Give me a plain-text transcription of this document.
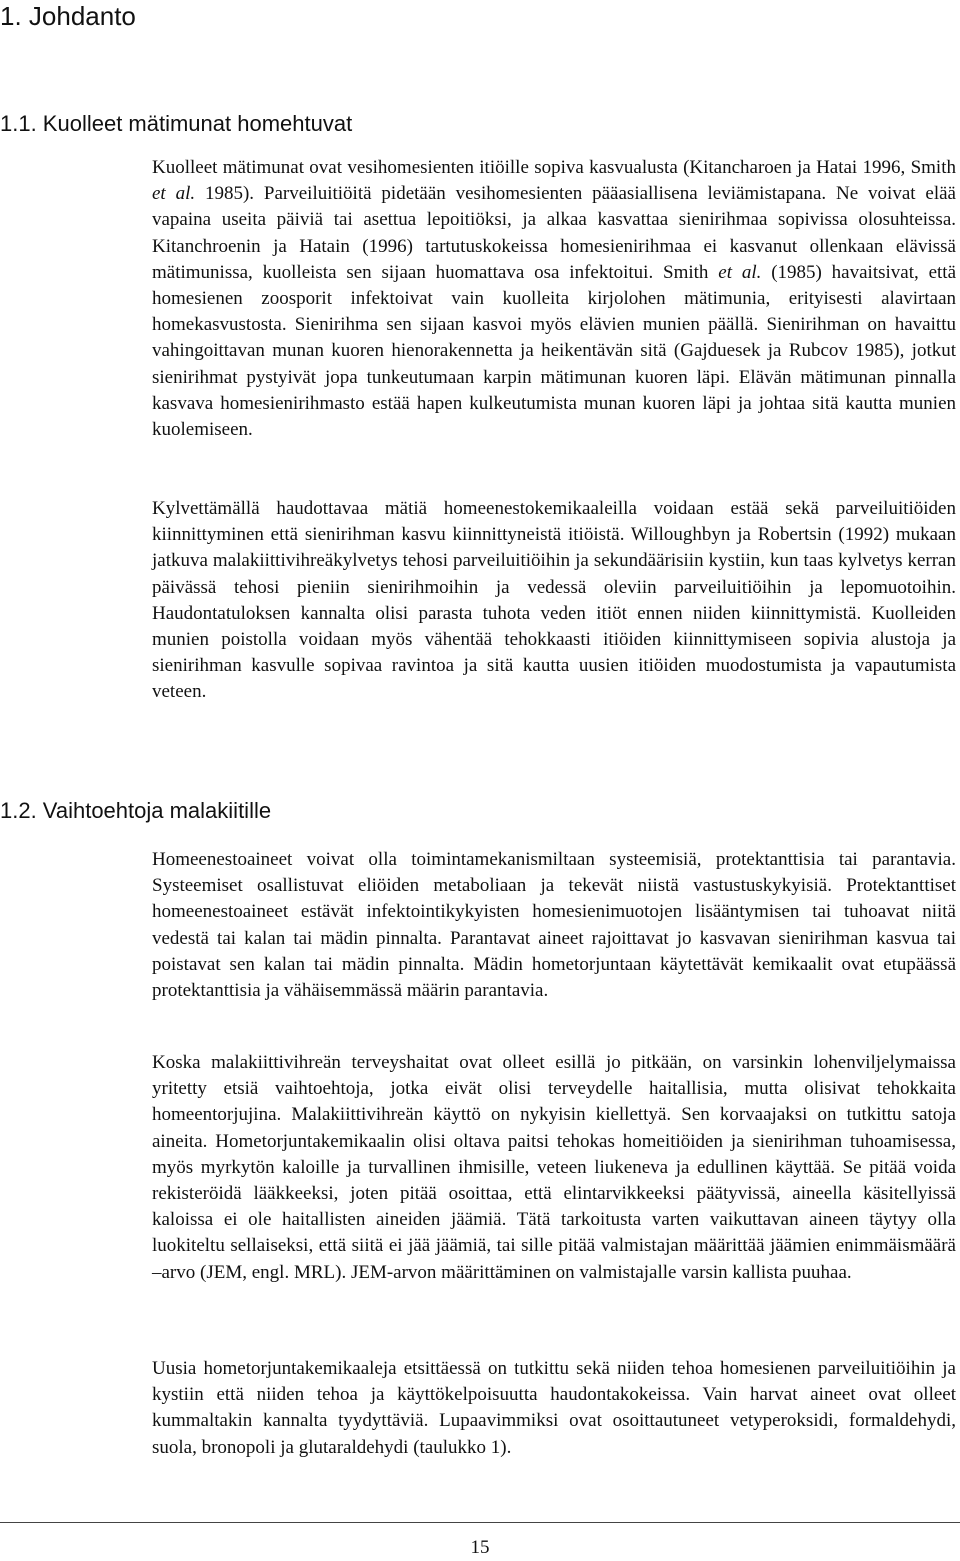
1. Johdanto
1.1. Kuolleet mätimunat homehtuvat

Kuolleet mätimunat ovat vesihomesienten itiöille sopiva kasvualusta (Kitancharoen ja Hatai 1996, Smith et al. 1985). Parveiluitiöitä pidetään vesihomesienten pääasiallisena leviämistapana. Ne voivat elää vapaina useita päiviä tai asettua lepoitiöksi, ja alkaa kasvattaa sienirihmaa sopivissa olosuhteissa. Kitanchroenin ja Hatain (1996) tartutuskokeissa homesienirihmaa ei kasvanut ollenkaan elävissä mätimunissa, kuolleista sen sijaan huomattava osa infektoitui. Smith et al. (1985) havaitsivat, että homesienen zoosporit infektoivat vain kuolleita kirjolohen mätimunia, erityisesti alavirtaan homekasvustosta. Sienirihma sen sijaan kasvoi myös elävien munien päällä. Sienirihman on havaittu vahingoittavan munan kuoren hienorakennetta ja heikentävän sitä (Gajduesek ja Rubcov 1985), jotkut sienirihmat pystyivät jopa tunkeutumaan karpin mätimunan kuoren läpi. Elävän mätimunan pinnalla kasvava homesienirihmasto estää hapen kulkeutumista munan kuoren läpi ja johtaa sitä kautta munien kuolemiseen.

Kylvettämällä haudottavaa mätiä homeenestokemikaaleilla voidaan estää sekä parveiluitiöiden kiinnittyminen että sienirihman kasvu kiinnittyneistä itiöistä. Willoughbyn ja Robertsin (1992) mukaan jatkuva malakiittivihreäkylvetys tehosi parveiluitiöihin ja sekundäärisiin kystiin, kun taas kylvetys kerran päivässä tehosi pieniin sienirihmoihin ja vedessä oleviin parveiluitiöihin ja lepomuotoihin. Haudontatuloksen kannalta olisi parasta tuhota veden itiöt ennen niiden kiinnittymistä. Kuolleiden munien poistolla voidaan myös vähentää tehokkaasti itiöiden kiinnittymiseen sopivia alustoja ja sienirihman kasvulle sopivaa ravintoa ja sitä kautta uusien itiöiden muodostumista ja vapautumista veteen.

1.2. Vaihtoehtoja malakiitille

Homeenestoaineet voivat olla toimintamekanismiltaan systeemisiä, protektanttisia tai parantavia. Systeemiset osallistuvat eliöiden metaboliaan ja tekevät niistä vastustuskykyisiä. Protektanttiset homeenestoaineet estävät infektointikykyisten homesienimuotojen lisääntymisen tai tuhoavat niitä vedestä tai kalan tai mädin pinnalta. Parantavat aineet rajoittavat jo kasvavan sienirihman kasvua tai poistavat sen kalan tai mädin pinnalta. Mädin hometorjuntaan käytettävät kemikaalit ovat etupäässä protektanttisia ja vähäisemmässä määrin parantavia.

Koska malakiittivihreän terveyshaitat ovat olleet esillä jo pitkään, on varsinkin lohenviljelymaissa yritetty etsiä vaihtoehtoja, jotka eivät olisi terveydelle haitallisia, mutta olisivat tehokkaita homeentorjujina. Malakiittivihreän käyttö on nykyisin kiellettyä. Sen korvaajaksi on tutkittu satoja aineita. Hometorjuntakemikaalin olisi oltava paitsi tehokas homeitiöiden ja sienirihman tuhoamisessa, myös myrkytön kaloille ja turvallinen ihmisille, veteen liukeneva ja edullinen käyttää. Se pitää voida rekisteröidä lääkkeeksi, joten pitää osoittaa, että elintarvikkeeksi päätyvissä, aineella käsitellyissä kaloissa ei ole haitallisten aineiden jäämiä. Tätä tarkoitusta varten vaikuttavan aineen täytyy olla luokiteltu sellaiseksi, että siitä ei jää jäämiä, tai sille pitää valmistajan määrittää jäämien enimmäismäärä –arvo (JEM, engl. MRL). JEM-arvon määrittäminen on valmistajalle varsin kallista puuhaa.

Uusia hometorjuntakemikaaleja etsittäessä on tutkittu sekä niiden tehoa homesienen parveiluitiöihin ja kystiin että niiden tehoa ja käyttökelpoisuutta haudontakokeissa. Vain harvat aineet ovat olleet kummaltakin kannalta tyydyttäviä. Lupaavimmiksi ovat osoittautuneet vetyperoksidi, formaldehydi, suola, bronopoli ja glutaraldehydi (taulukko 1).

15
